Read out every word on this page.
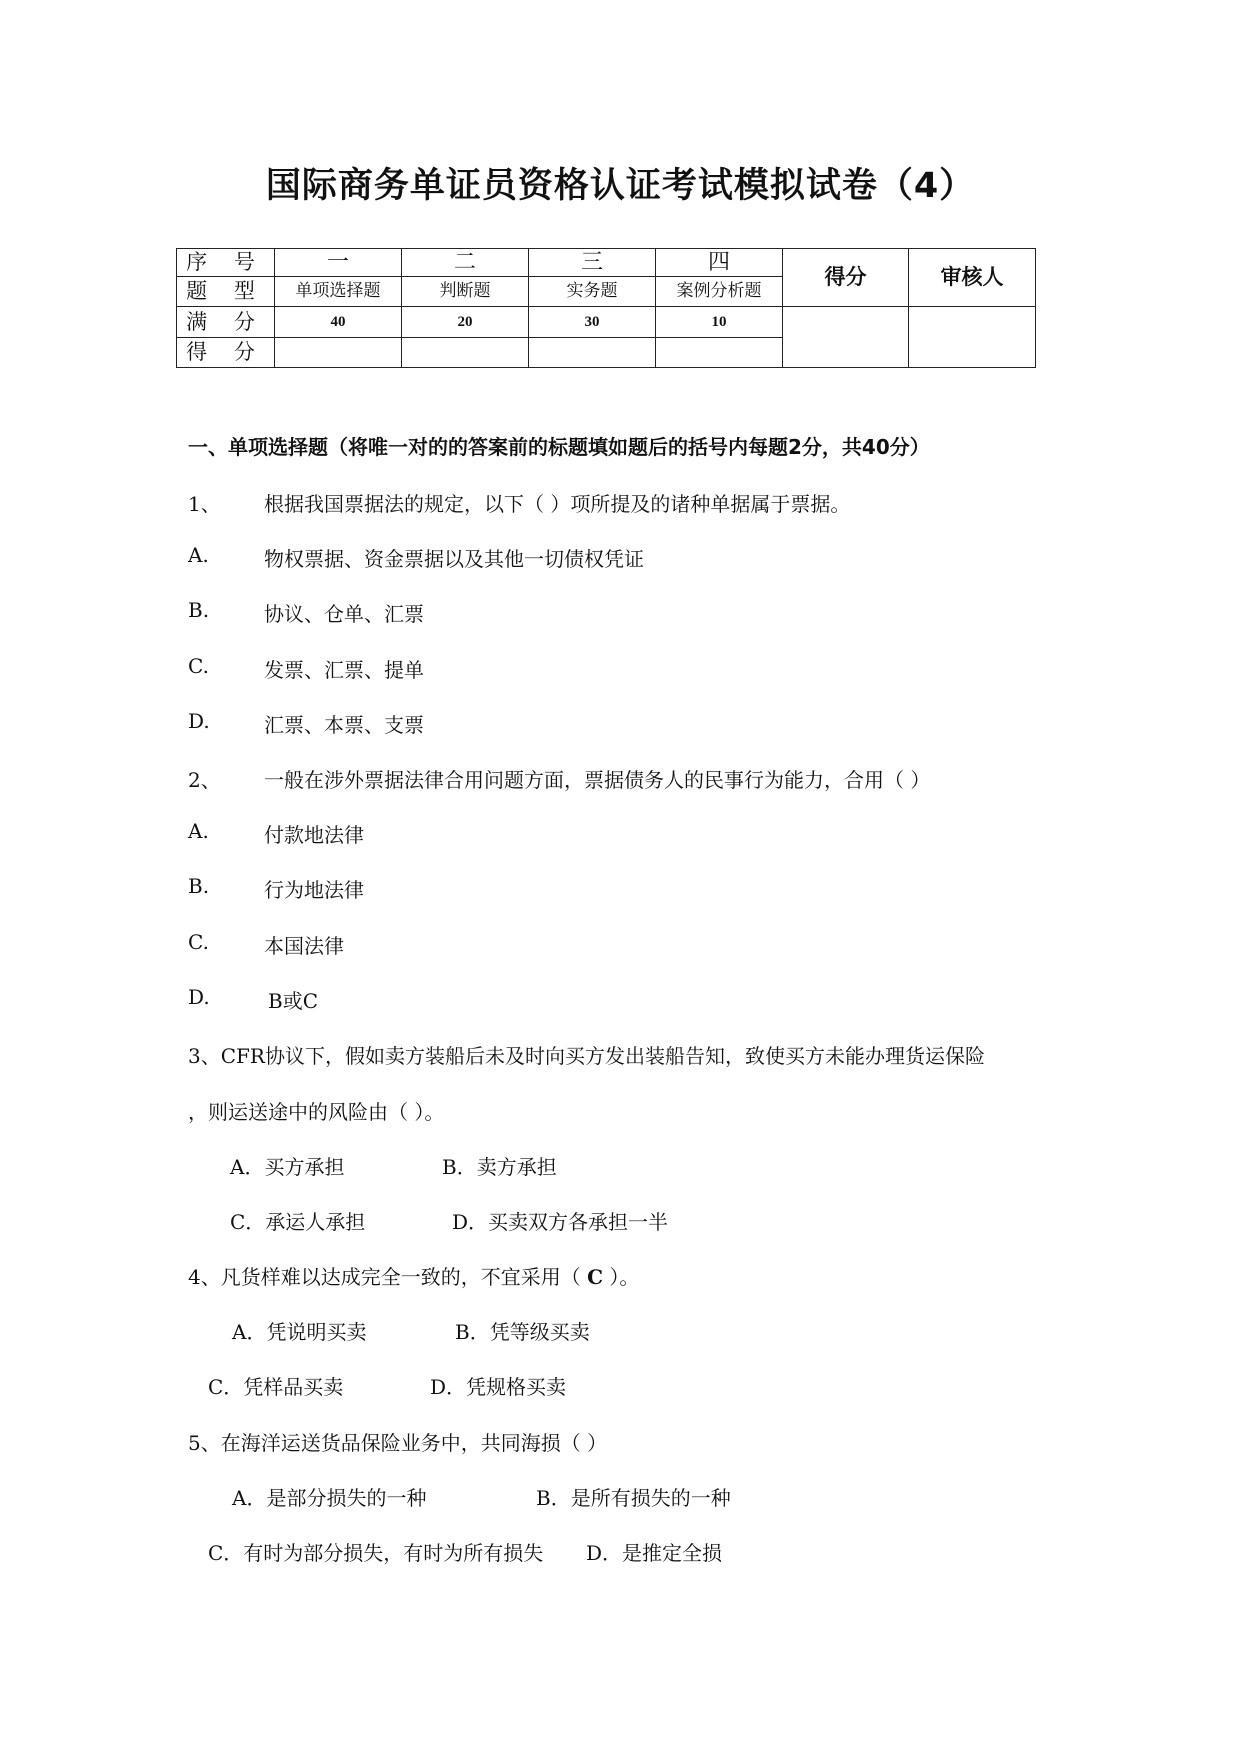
国际商务单证员资格认证考试模拟试卷（4）
序 号	一	二	三	四	得分	审核人
题 型	单项选择题	判断题	实务题	案例分析题		
满 分	40	20	30	10		
得 分						
一、单项选择题（将唯一对的的答案前的标题填如题后的括号内每题2分，共40分）
1、 根据我国票据法的规定，以下（ ）项所提及的诸种单据属于票据。
A.	物权票据、资金票据以及其他一切债权凭证
B.	协议、仓单、汇票
C.	发票、汇票、提单
D.	汇票、本票、支票
2、 一般在涉外票据法律合用问题方面，票据债务人的民事行为能力，合用（ ）
A.	付款地法律
B.	行为地法律
C.	本国法律
D.	B或C
3、CFR协议下，假如卖方装船后未及时向买方发出装船告知，致使买方未能办理货运保险
，则运送途中的风险由（ ）。
A．买方承担	B．卖方承担
C．承运人承担	D．买卖双方各承担一半
4、凡货样难以达成完全一致的，不宜采用（ C ）。
A．凭说明买卖	B．凭等级买卖
C．凭样品买卖	D．凭规格买卖
5、在海洋运送货品保险业务中，共同海损（ ）
A．是部分损失的一种	B．是所有损失的一种
C．有时为部分损失，有时为所有损失 D．是推定全损
